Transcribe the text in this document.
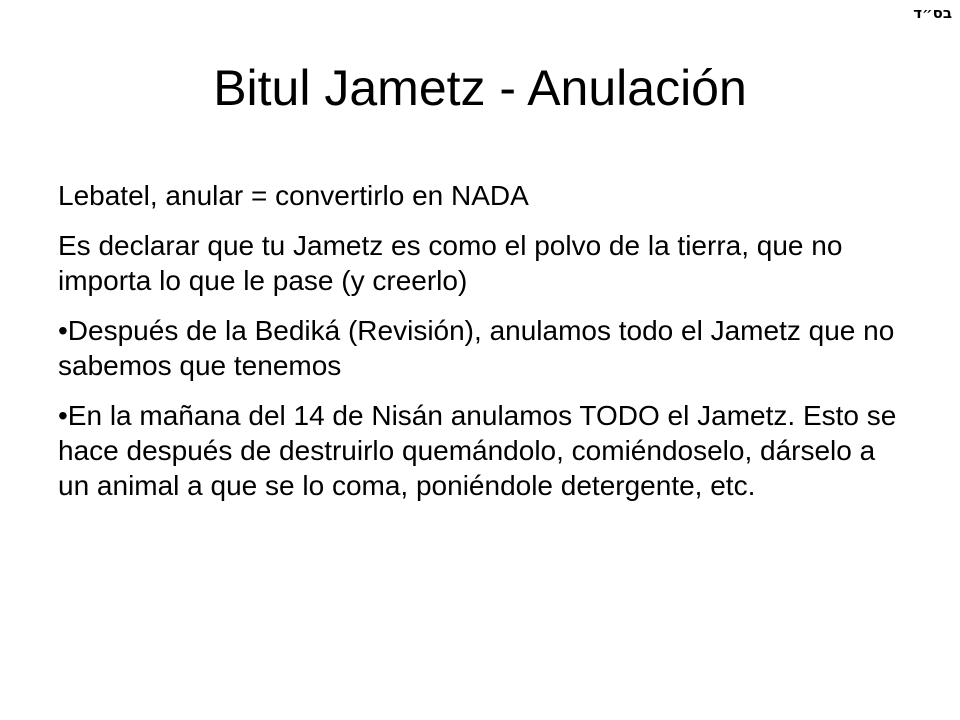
בס״ד
Bitul Jametz - Anulación

Lebatel, anular = convertirlo en NADA

Es declarar que tu Jametz es como el polvo de la tierra, que no importa lo que le pase (y creerlo)

•Después de la Bediká (Revisión), anulamos todo el Jametz que no sabemos que tenemos

•En la mañana del 14 de Nisán anulamos TODO el Jametz. Esto se hace después de destruirlo quemándolo, comiéndoselo, dárselo a un animal a que se lo coma, poniéndole detergente, etc.
